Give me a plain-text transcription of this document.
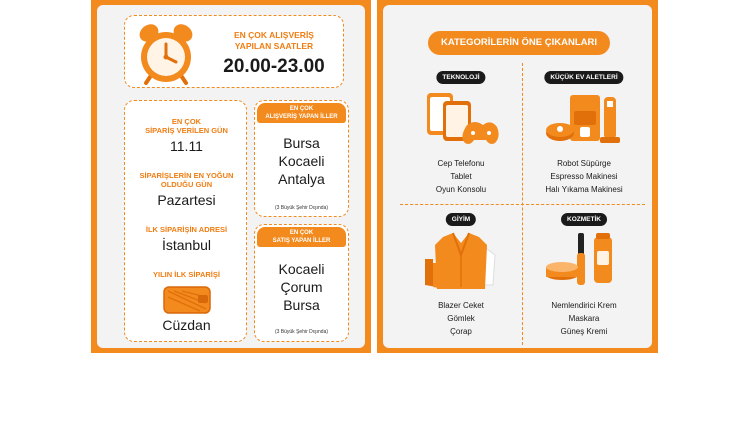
EN ÇOK ALIŞVERİŞ
YAPILAN SAATLER
20.00-23.00
EN ÇOK
SİPARİŞ VERİLEN GÜN
11.11
SİPARİŞLERİN EN YOĞUN
OLDUĞU GÜN
Pazartesi
İLK SİPARİŞİN ADRESİ
İstanbul
YILIN İLK SİPARİŞİ
Cüzdan
EN ÇOK
ALIŞVERİŞ YAPAN İLLER
Bursa
Kocaeli
Antalya
(3 Büyük Şehir Dışında)
EN ÇOK
SATIŞ YAPAN İLLER
Kocaeli
Çorum
Bursa
(3 Büyük Şehir Dışında)
KATEGORİLERİN ÖNE ÇIKANLARI
TEKNOLOJİ
Cep Telefonu
Tablet
Oyun Konsolu
KÜÇÜK EV ALETLERİ
Robot Süpürge
Espresso Makinesi
Halı Yıkama Makinesi
GİYİM
Blazer Ceket
Gömlek
Çorap
KOZMETİK
Nemlendirici Krem
Maskara
Güneş Kremi
